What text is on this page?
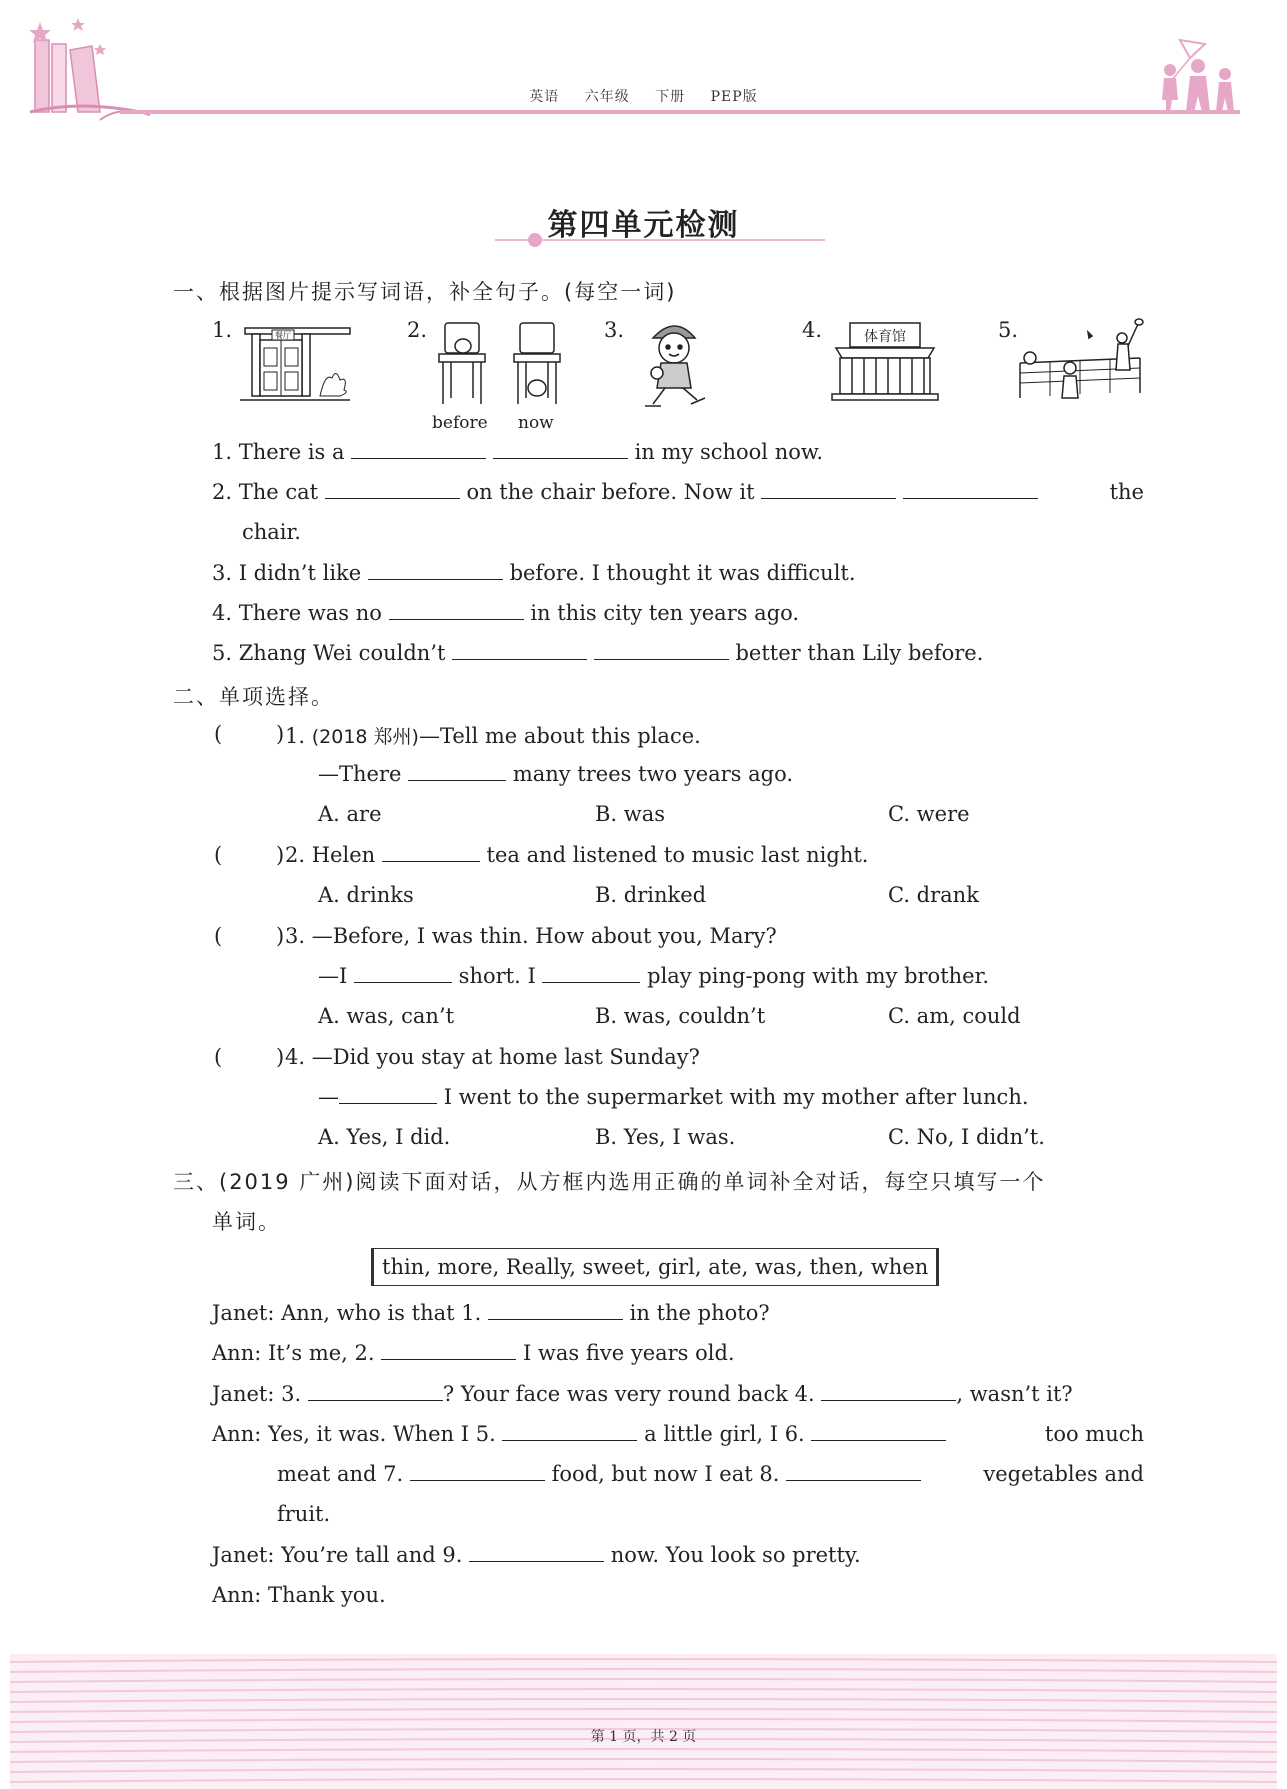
英语 六年级 下册 PEP版
第四单元检测
一、根据图片提示写词语，补全句子。(每空一词)
1.	2.	3.	4.	5.
餐厅
before now
体育馆
1. There is a	in my school now.
2. The cat	on the chair before. Now it	the
chair.
3. I didn’t like	before. I thought it was difficult.
4. There was no	in this city ten years ago.
5. Zhang Wei couldn’t	better than Lily before.
二、单项选择。
(	) 1. (2018 郑州)—Tell me about this place.
—There	many trees two years ago.
A. are	B. was	C. were
(	) 2. Helen	tea and listened to music last night.
A. drinks	B. drinked	C. drank
(	) 3. —Before, I was thin. How about you, Mary?
—I	short. I	play ping-pong with my brother.
A. was, can’t	B. was, couldn’t	C. am, could
(	) 4. —Did you stay at home last Sunday?
—	I went to the supermarket with my mother after lunch.
A. Yes, I did.	B. Yes, I was.	C. No, I didn’t.
三、(2019 广州)阅读下面对话，从方框内选用正确的单词补全对话，每空只填写一个
单词。
thin, more, Really, sweet, girl, ate, was, then, when
Janet: Ann, who is that 1.	in the photo?
Ann: It’s me, 2.	I was five years old.
Janet: 3.	? Your face was very round back 4.	, wasn’t it?
Ann: Yes, it was. When I 5.	a little girl, I 6.	too much
meat and 7.	food, but now I eat 8.	vegetables and
fruit.
Janet: You’re tall and 9.	now. You look so pretty.
Ann: Thank you.
第 1 页，共 2 页
